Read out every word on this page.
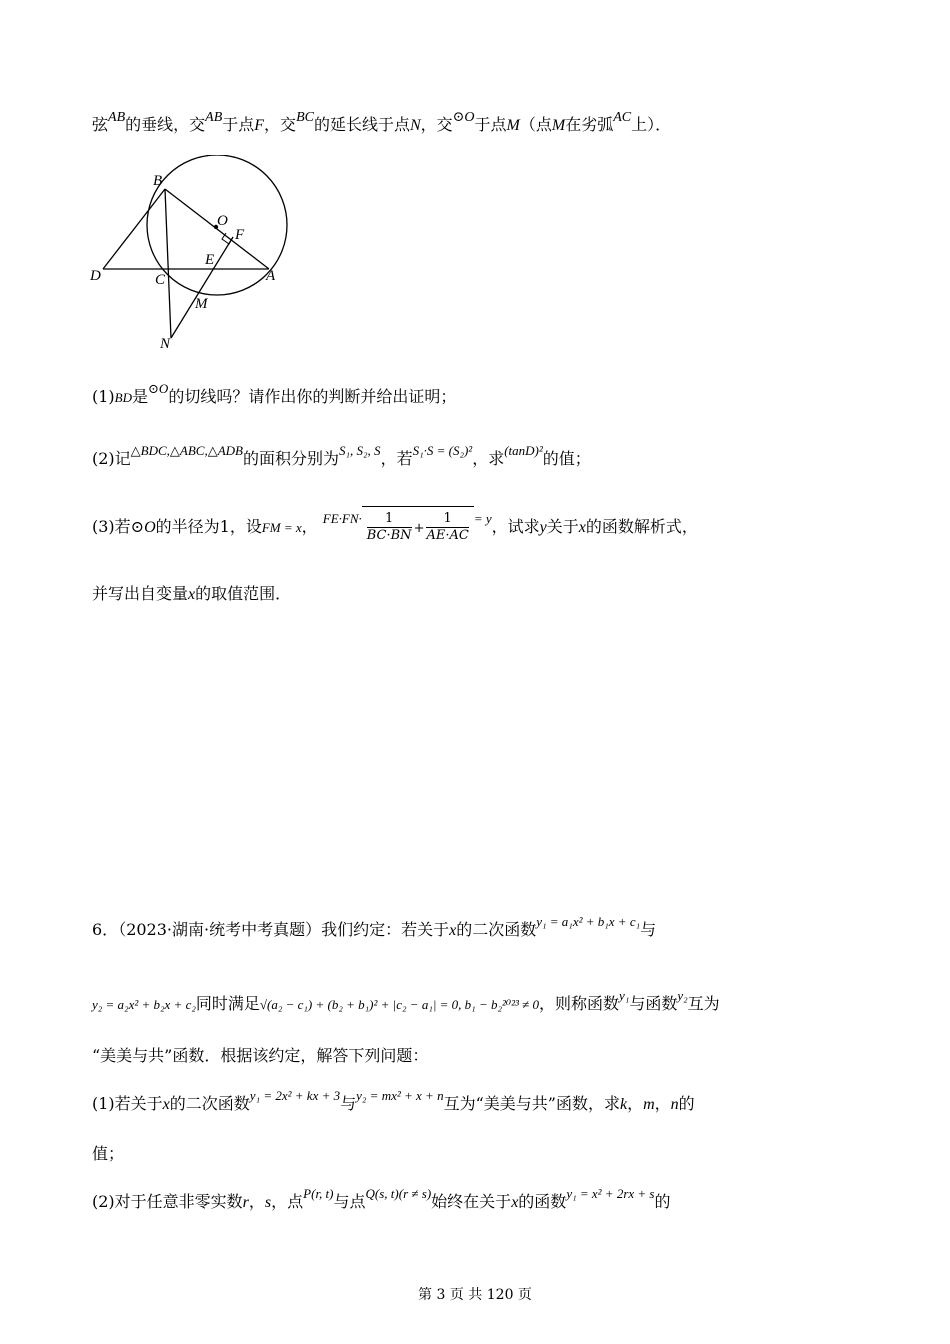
弦AB的垂线，交AB于点F，交BC的延长线于点N，交⊙O于点M（点M在劣弧AC上）．
B
O
F
D	C
E
A
M
N
(1)BD是$^{⊙O}$的切线吗？请作出你的判断并给出证明；
(2)记$^{\triangle BDC,\triangle ABC,\triangle ADB}$的面积分别为$^{S_1, S_2, S}$，若$^{S_1\cdot S = (S_2)^2}$，求$^{(tanD)^2}$的值；
(3)若⊙O的半径为1，设FM = x， $^{FE\cdot FN\cdot} \frac{1}{BC\cdot BN} + \frac{1}{AE\cdot AC} ^{= y}$，试求y关于x的函数解析式，
并写出自变量x的取值范围．
6．（2023·湖南·统考中考真题）我们约定：若关于x的二次函数$^{y_1 = a_1x^2 + b_1x + c_1}$与
y₂ = a₂x² + b₂x + c₂同时满足√(a₂ − c₁) + (b₂ + b₁)² + |c₂ − a₁| = 0, b₁ − b₂²⁰²³ ≠ 0，则称函数$^{y_1}$与函数$^{y_2}$互为
“美美与共”函数．根据该约定，解答下列问题：
(1)若关于x的二次函数$^{y_1 = 2x^2 + kx + 3}$与$^{y_2 = mx^2 + x + n}$互为“美美与共”函数，求k，m，n的
值；
(2)对于任意非零实数r，s，点$^{P(r, t)}$与点$^{Q(s, t)(r \ne s)}$始终在关于x的函数$^{y_1 = x^2 + 2rx + s}$的
第 3 页 共 120 页
